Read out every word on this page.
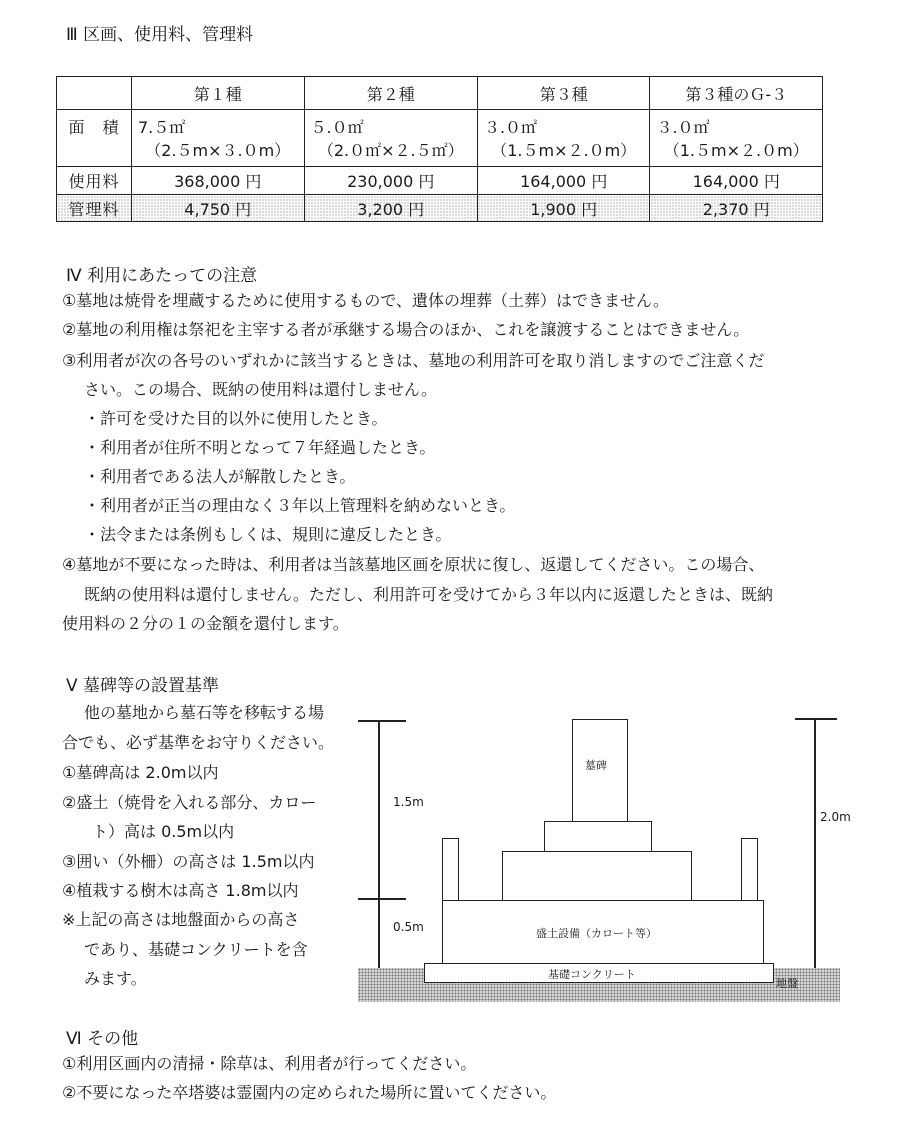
Ⅲ 区画、使用料、管理料
	第１種	第２種	第３種	第３種のＧ-３
面　積	7.５㎡	５.０㎡	３.０㎡	３.０㎡
	（2.５m×３.０m）	（2.０㎡×２.５㎡）	（1.５m×２.０m）	（1.５m×２.０m）
使用料	368,000 円	230,000 円	164,000 円	164,000 円
管理料	4,750 円	3,200 円	1,900 円	2,370 円
Ⅳ 利用にあたっての注意
①墓地は焼骨を埋蔵するために使用するもので、遺体の埋葬（土葬）はできません。
②墓地の利用権は祭祀を主宰する者が承継する場合のほか、これを譲渡することはできません。
③利用者が次の各号のいずれかに該当するときは、墓地の利用許可を取り消しますのでご注意くだ
さい。この場合、既納の使用料は還付しません。
・許可を受けた目的以外に使用したとき。
・利用者が住所不明となって７年経過したとき。
・利用者である法人が解散したとき。
・利用者が正当の理由なく３年以上管理料を納めないとき。
・法令または条例もしくは、規則に違反したとき。
④墓地が不要になった時は、利用者は当該墓地区画を原状に復し、返還してください。この場合、
既納の使用料は還付しません。ただし、利用許可を受けてから３年以内に返還したときは、既納
使用料の２分の１の金額を還付します。
Ⅴ 墓碑等の設置基準
他の墓地から墓石等を移転する場
合でも、必ず基準をお守りください。
①墓碑高は 2.0m以内
②盛土（焼骨を入れる部分、カロー
ト）高は 0.5m以内
③囲い（外柵）の高さは 1.5m以内
④植栽する樹木は高さ 1.8m以内
※上記の高さは地盤面からの高さ
であり、基礎コンクリートを含
みます。	地盤
基礎コンクリート
盛土設備（カロート等）
墓碑
1.5m
0.5m
2.0m
Ⅵ その他
①利用区画内の清掃・除草は、利用者が行ってください。
②不要になった卒塔婆は霊園内の定められた場所に置いてください。
